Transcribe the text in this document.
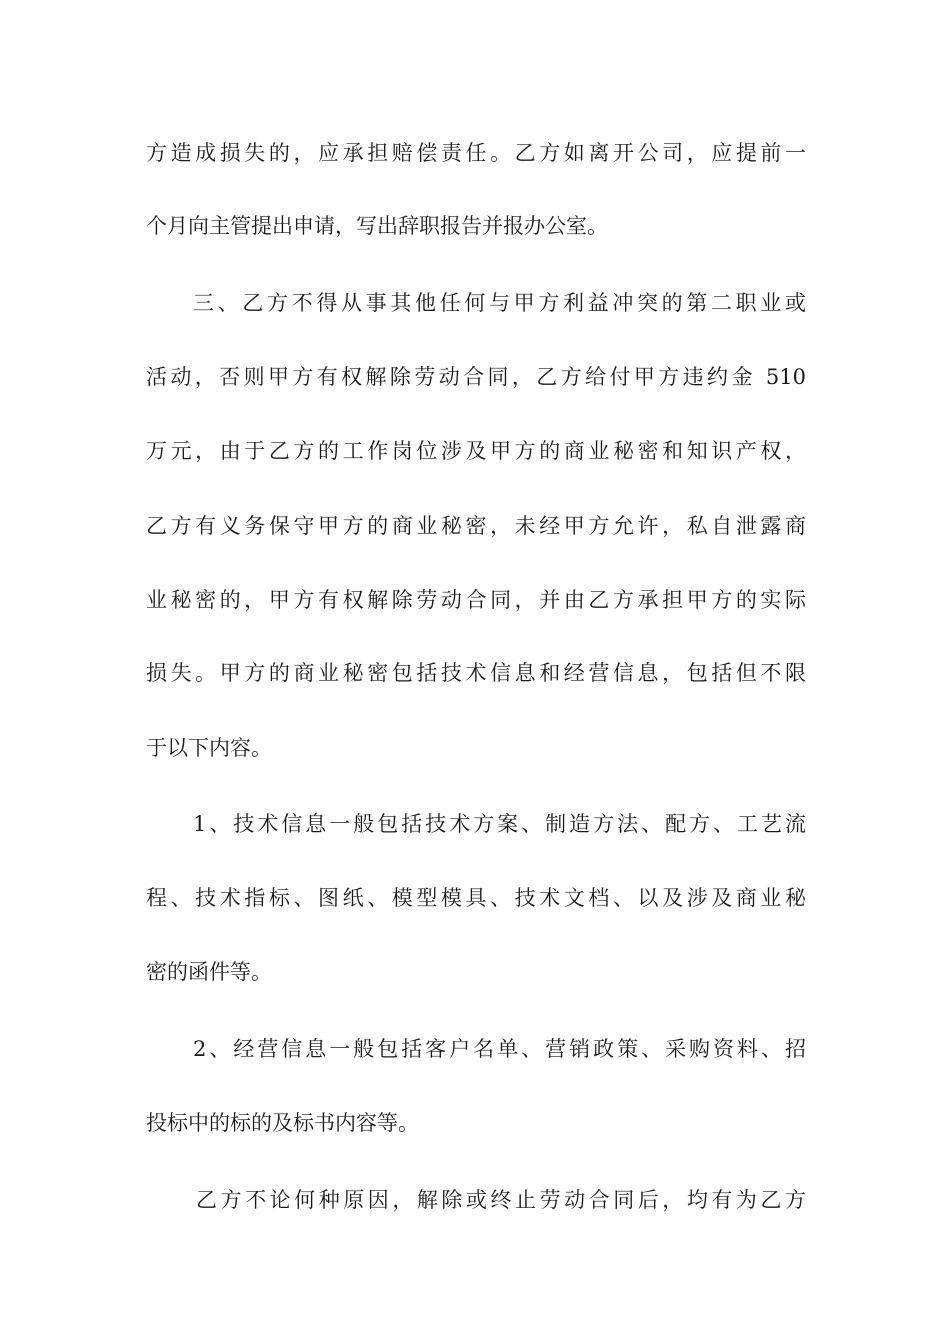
方造成损失的，应承担赔偿责任。乙方如离开公司，应提前一
个月向主管提出申请，写出辞职报告并报办公室。
三、乙方不得从事其他任何与甲方利益冲突的第二职业或
活动，否则甲方有权解除劳动合同，乙方给付甲方违约金 510
万元，由于乙方的工作岗位涉及甲方的商业秘密和知识产权，
乙方有义务保守甲方的商业秘密，未经甲方允许，私自泄露商
业秘密的，甲方有权解除劳动合同，并由乙方承担甲方的实际
损失。甲方的商业秘密包括技术信息和经营信息，包括但不限
于以下内容。
1、技术信息一般包括技术方案、制造方法、配方、工艺流
程、技术指标、图纸、模型模具、技术文档、以及涉及商业秘
密的函件等。
2、经营信息一般包括客户名单、营销政策、采购资料、招
投标中的标的及标书内容等。
乙方不论何种原因，解除或终止劳动合同后，均有为乙方
